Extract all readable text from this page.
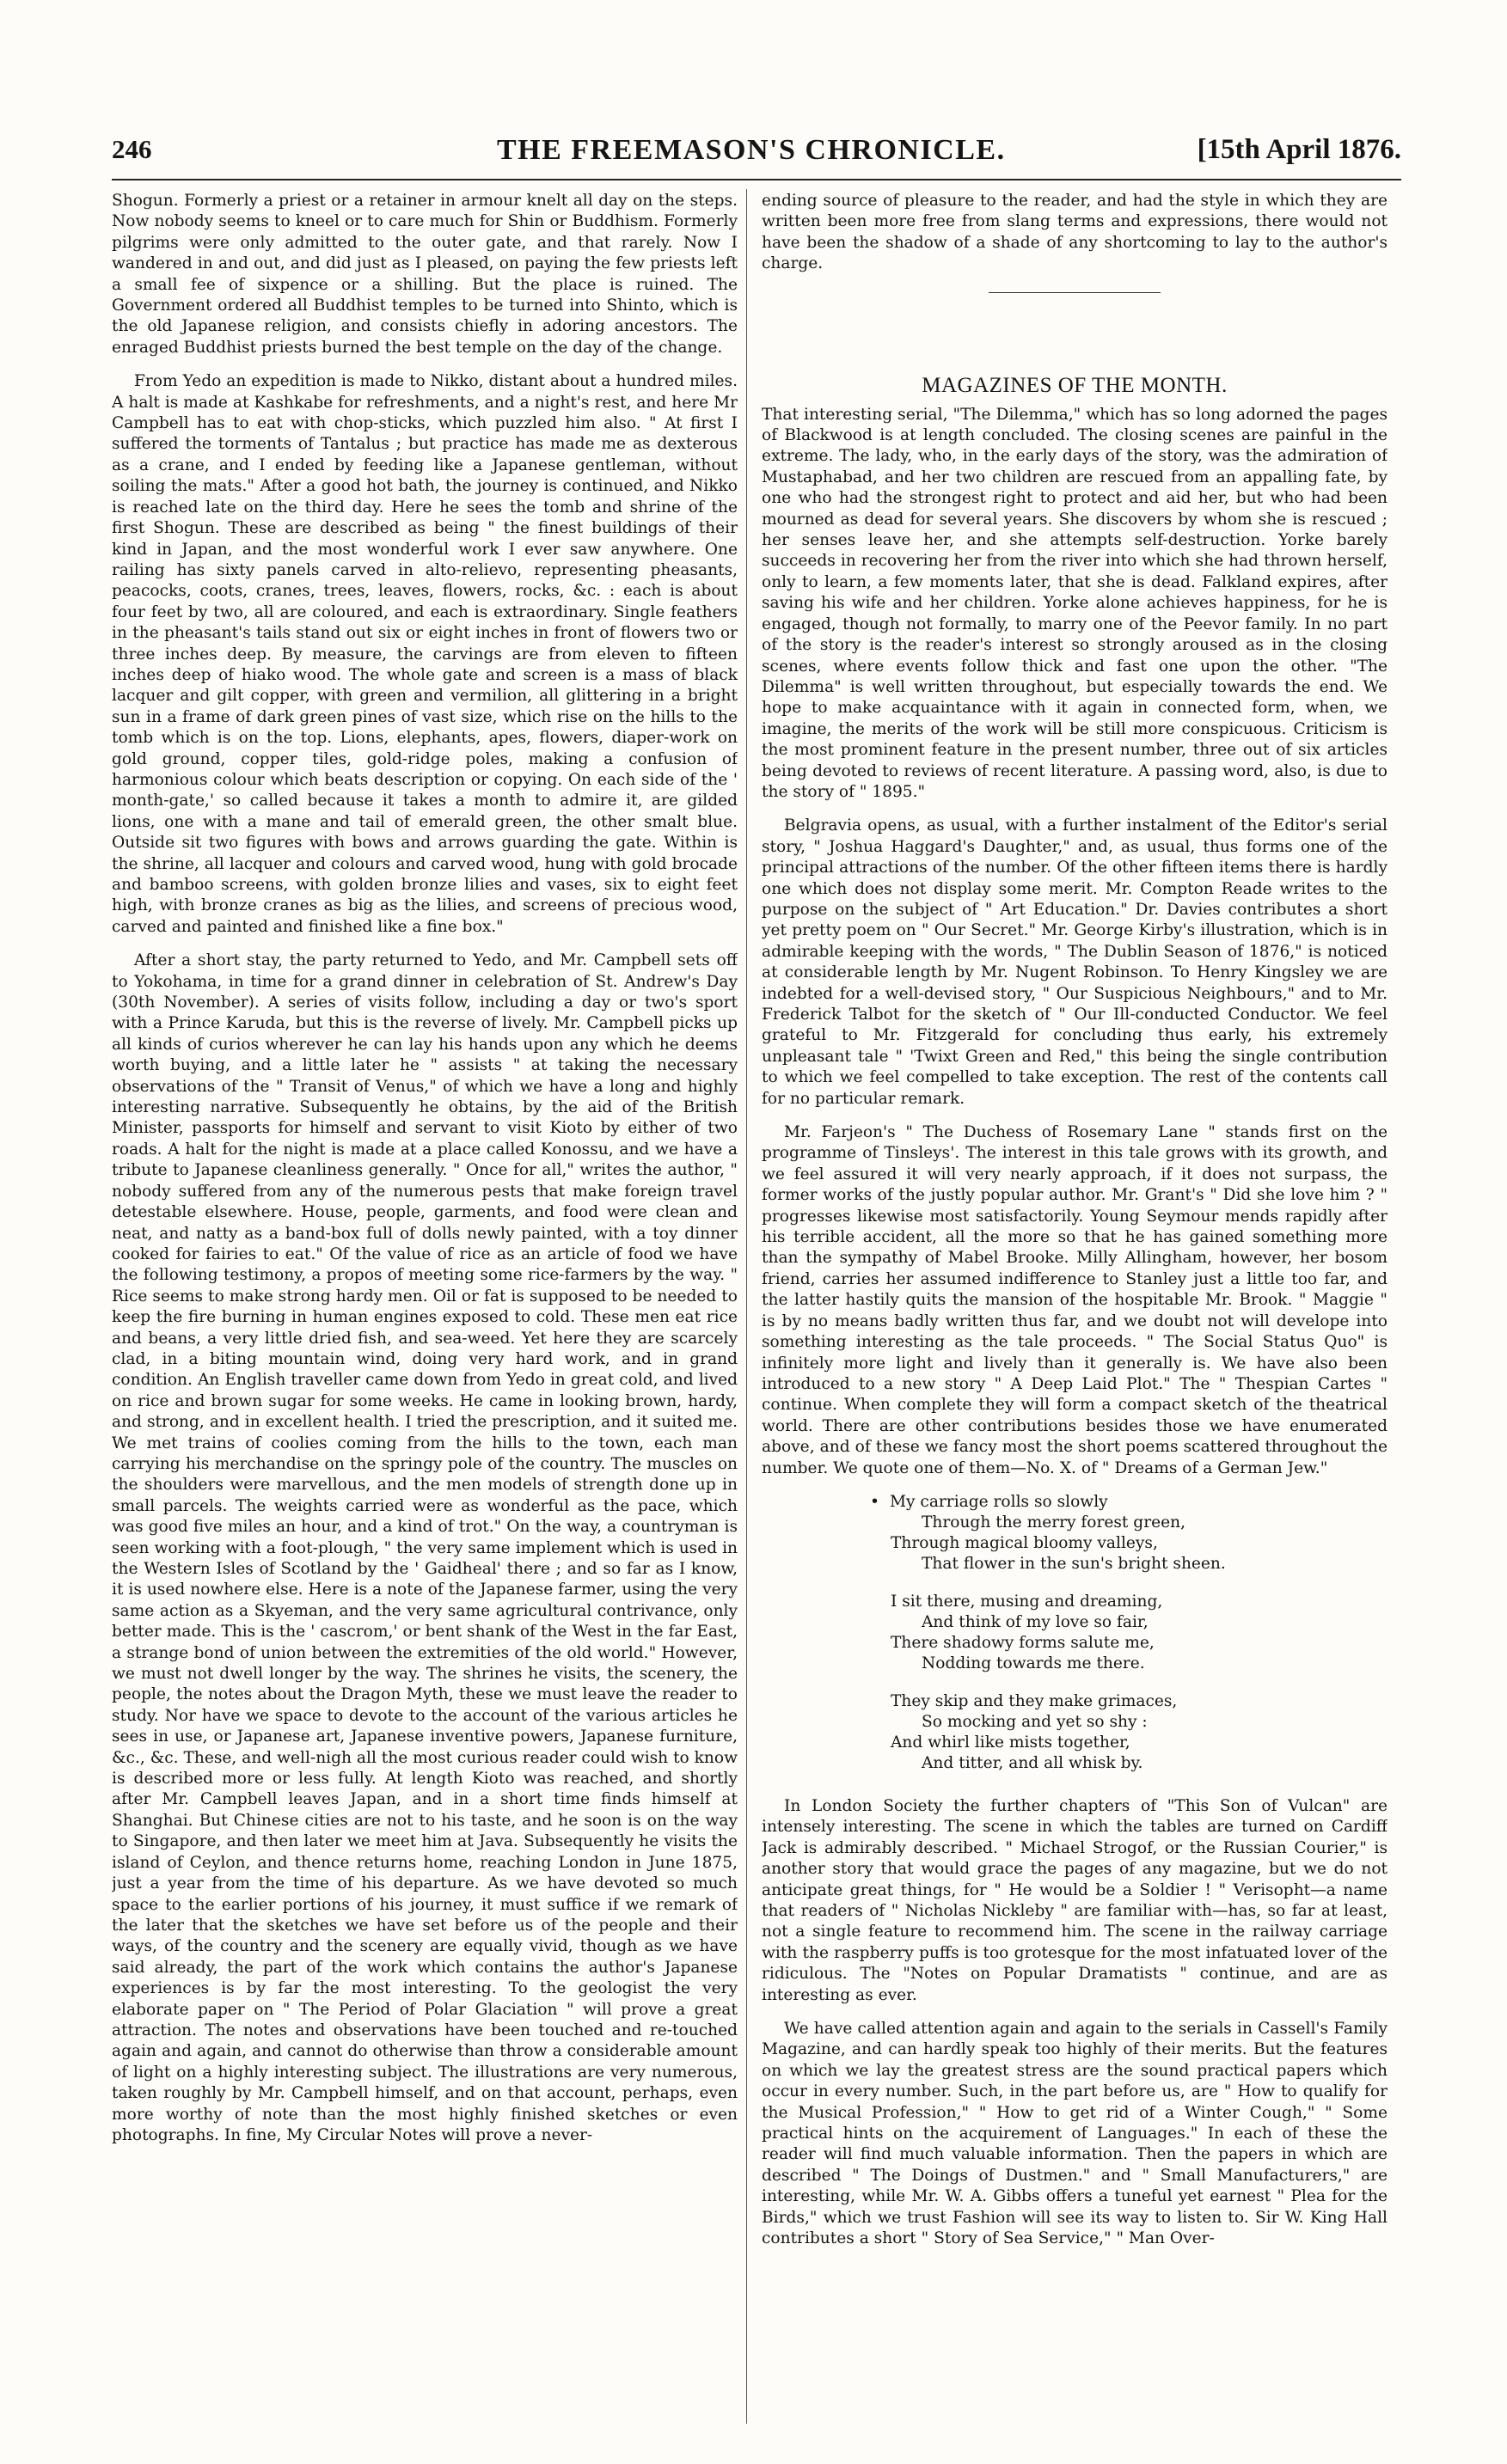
246	THE FREEMASON'S CHRONICLE.	[15th April 1876.

Shogun. Formerly a priest or a retainer in armour knelt all day on the steps. Now nobody seems to kneel or to care much for Shin or Buddhism. Formerly pilgrims were only admitted to the outer gate, and that rarely. Now I wandered in and out, and did just as I pleased, on paying the few priests left a small fee of sixpence or a shilling. But the place is ruined. The Government ordered all Buddhist temples to be turned into Shinto, which is the old Japanese religion, and consists chiefly in adoring ancestors. The enraged Buddhist priests burned the best temple on the day of the change.

From Yedo an expedition is made to Nikko, distant about a hundred miles. A halt is made at Kashkabe for refreshments, and a night's rest, and here Mr Campbell has to eat with chop-sticks, which puzzled him also. " At first I suffered the torments of Tantalus ; but practice has made me as dexterous as a crane, and I ended by feeding like a Japanese gentleman, without soiling the mats." After a good hot bath, the journey is continued, and Nikko is reached late on the third day. Here he sees the tomb and shrine of the first Shogun. These are described as being " the finest buildings of their kind in Japan, and the most wonderful work I ever saw anywhere. One railing has sixty panels carved in alto-relievo, representing pheasants, peacocks, coots, cranes, trees, leaves, flowers, rocks, &c. : each is about four feet by two, all are coloured, and each is extraordinary. Single feathers in the pheasant's tails stand out six or eight inches in front of flowers two or three inches deep. By measure, the carvings are from eleven to fifteen inches deep of hiako wood. The whole gate and screen is a mass of black lacquer and gilt copper, with green and vermilion, all glittering in a bright sun in a frame of dark green pines of vast size, which rise on the hills to the tomb which is on the top. Lions, elephants, apes, flowers, diaper-work on gold ground, copper tiles, gold-ridge poles, making a confusion of harmonious colour which beats description or copying. On each side of the ' month-gate,' so called because it takes a month to admire it, are gilded lions, one with a mane and tail of emerald green, the other smalt blue. Outside sit two figures with bows and arrows guarding the gate. Within is the shrine, all lacquer and colours and carved wood, hung with gold brocade and bamboo screens, with golden bronze lilies and vases, six to eight feet high, with bronze cranes as big as the lilies, and screens of precious wood, carved and painted and finished like a fine box."

After a short stay, the party returned to Yedo, and Mr. Campbell sets off to Yokohama, in time for a grand dinner in celebration of St. Andrew's Day (30th November). A series of visits follow, including a day or two's sport with a Prince Karuda, but this is the reverse of lively. Mr. Campbell picks up all kinds of curios wherever he can lay his hands upon any which he deems worth buying, and a little later he " assists " at taking the necessary observations of the " Transit of Venus," of which we have a long and highly interesting narrative. Subsequently he obtains, by the aid of the British Minister, passports for himself and servant to visit Kioto by either of two roads. A halt for the night is made at a place called Konossu, and we have a tribute to Japanese cleanliness generally. " Once for all," writes the author, " nobody suffered from any of the numerous pests that make foreign travel detestable elsewhere. House, people, garments, and food were clean and neat, and natty as a band-box full of dolls newly painted, with a toy dinner cooked for fairies to eat." Of the value of rice as an article of food we have the following testimony, a propos of meeting some rice-farmers by the way. " Rice seems to make strong hardy men. Oil or fat is supposed to be needed to keep the fire burning in human engines exposed to cold. These men eat rice and beans, a very little dried fish, and sea-weed. Yet here they are scarcely clad, in a biting mountain wind, doing very hard work, and in grand condition. An English traveller came down from Yedo in great cold, and lived on rice and brown sugar for some weeks. He came in looking brown, hardy, and strong, and in excellent health. I tried the prescription, and it suited me. We met trains of coolies coming from the hills to the town, each man carrying his merchandise on the springy pole of the country. The muscles on the shoulders were marvellous, and the men models of strength done up in small parcels. The weights carried were as wonderful as the pace, which was good five miles an hour, and a kind of trot." On the way, a countryman is seen working with a foot-plough, " the very same implement which is used in the Western Isles of Scotland by the ' Gaidheal' there ; and so far as I know, it is used nowhere else. Here is a note of the Japanese farmer, using the very same action as a Skyeman, and the very same agricultural contrivance, only better made. This is the ' cascrom,' or bent shank of the West in the far East, a strange bond of union between the extremities of the old world." However, we must not dwell longer by the way. The shrines he visits, the scenery, the people, the notes about the Dragon Myth, these we must leave the reader to study. Nor have we space to devote to the account of the various articles he sees in use, or Japanese art, Japanese inventive powers, Japanese furniture, &c., &c. These, and well-nigh all the most curious reader could wish to know is described more or less fully. At length Kioto was reached, and shortly after Mr. Campbell leaves Japan, and in a short time finds himself at Shanghai. But Chinese cities are not to his taste, and he soon is on the way to Singapore, and then later we meet him at Java. Subsequently he visits the island of Ceylon, and thence returns home, reaching London in June 1875, just a year from the time of his departure. As we have devoted so much space to the earlier portions of his journey, it must suffice if we remark of the later that the sketches we have set before us of the people and their ways, of the country and the scenery are equally vivid, though as we have said already, the part of the work which contains the author's Japanese experiences is by far the most interesting. To the geologist the very elaborate paper on " The Period of Polar Glaciation " will prove a great attraction. The notes and observations have been touched and re-touched again and again, and cannot do otherwise than throw a considerable amount of light on a highly interesting subject. The illustrations are very numerous, taken roughly by Mr. Campbell himself, and on that account, perhaps, even more worthy of note than the most highly finished sketches or even photographs. In fine, My Circular Notes will prove a never-

ending source of pleasure to the reader, and had the style in which they are written been more free from slang terms and expressions, there would not have been the shadow of a shade of any shortcoming to lay to the author's charge.

MAGAZINES OF THE MONTH.

That interesting serial, "The Dilemma," which has so long adorned the pages of Blackwood is at length concluded. The closing scenes are painful in the extreme. The lady, who, in the early days of the story, was the admiration of Mustaphabad, and her two children are rescued from an appalling fate, by one who had the strongest right to protect and aid her, but who had been mourned as dead for several years. She discovers by whom she is rescued ; her senses leave her, and she attempts self-destruction. Yorke barely succeeds in recovering her from the river into which she had thrown herself, only to learn, a few moments later, that she is dead. Falkland expires, after saving his wife and her children. Yorke alone achieves happiness, for he is engaged, though not formally, to marry one of the Peevor family. In no part of the story is the reader's interest so strongly aroused as in the closing scenes, where events follow thick and fast one upon the other. "The Dilemma" is well written throughout, but especially towards the end. We hope to make acquaintance with it again in connected form, when, we imagine, the merits of the work will be still more conspicuous. Criticism is the most prominent feature in the present number, three out of six articles being devoted to reviews of recent literature. A passing word, also, is due to the story of " 1895."

Belgravia opens, as usual, with a further instalment of the Editor's serial story, " Joshua Haggard's Daughter," and, as usual, thus forms one of the principal attractions of the number. Of the other fifteen items there is hardly one which does not display some merit. Mr. Compton Reade writes to the purpose on the subject of " Art Education." Dr. Davies contributes a short yet pretty poem on " Our Secret." Mr. George Kirby's illustration, which is in admirable keeping with the words, " The Dublin Season of 1876," is noticed at considerable length by Mr. Nugent Robinson. To Henry Kingsley we are indebted for a well-devised story, " Our Suspicious Neighbours," and to Mr. Frederick Talbot for the sketch of " Our Ill-conducted Conductor. We feel grateful to Mr. Fitzgerald for concluding thus early, his extremely unpleasant tale " 'Twixt Green and Red," this being the single contribution to which we feel compelled to take exception. The rest of the contents call for no particular remark.

Mr. Farjeon's " The Duchess of Rosemary Lane " stands first on the programme of Tinsleys'. The interest in this tale grows with its growth, and we feel assured it will very nearly approach, if it does not surpass, the former works of the justly popular author. Mr. Grant's " Did she love him ? " progresses likewise most satisfactorily. Young Seymour mends rapidly after his terrible accident, all the more so that he has gained something more than the sympathy of Mabel Brooke. Milly Allingham, however, her bosom friend, carries her assumed indifference to Stanley just a little too far, and the latter hastily quits the mansion of the hospitable Mr. Brook. " Maggie " is by no means badly written thus far, and we doubt not will develope into something interesting as the tale proceeds. " The Social Status Quo" is infinitely more light and lively than it generally is. We have also been introduced to a new story " A Deep Laid Plot." The " Thespian Cartes " continue. When complete they will form a compact sketch of the theatrical world. There are other contributions besides those we have enumerated above, and of these we fancy most the short poems scattered throughout the number. We quote one of them—No. X. of " Dreams of a German Jew."

• My carriage rolls so slowly
Through the merry forest green,
Through magical bloomy valleys,
That flower in the sun's bright sheen.
I sit there, musing and dreaming,
And think of my love so fair,
There shadowy forms salute me,
Nodding towards me there.
They skip and they make grimaces,
So mocking and yet so shy :
And whirl like mists together,
And titter, and all whisk by.

In London Society the further chapters of "This Son of Vulcan" are intensely interesting. The scene in which the tables are turned on Cardiff Jack is admirably described. " Michael Strogof, or the Russian Courier," is another story that would grace the pages of any magazine, but we do not anticipate great things, for " He would be a Soldier ! " Verisopht—a name that readers of " Nicholas Nickleby " are familiar with—has, so far at least, not a single feature to recommend him. The scene in the railway carriage with the raspberry puffs is too grotesque for the most infatuated lover of the ridiculous. The "Notes on Popular Dramatists " continue, and are as interesting as ever.

We have called attention again and again to the serials in Cassell's Family Magazine, and can hardly speak too highly of their merits. But the features on which we lay the greatest stress are the sound practical papers which occur in every number. Such, in the part before us, are " How to qualify for the Musical Profession," " How to get rid of a Winter Cough," " Some practical hints on the acquirement of Languages." In each of these the reader will find much valuable information. Then the papers in which are described " The Doings of Dustmen." and " Small Manufacturers," are interesting, while Mr. W. A. Gibbs offers a tuneful yet earnest " Plea for the Birds," which we trust Fashion will see its way to listen to. Sir W. King Hall contributes a short " Story of Sea Service," " Man Over-
